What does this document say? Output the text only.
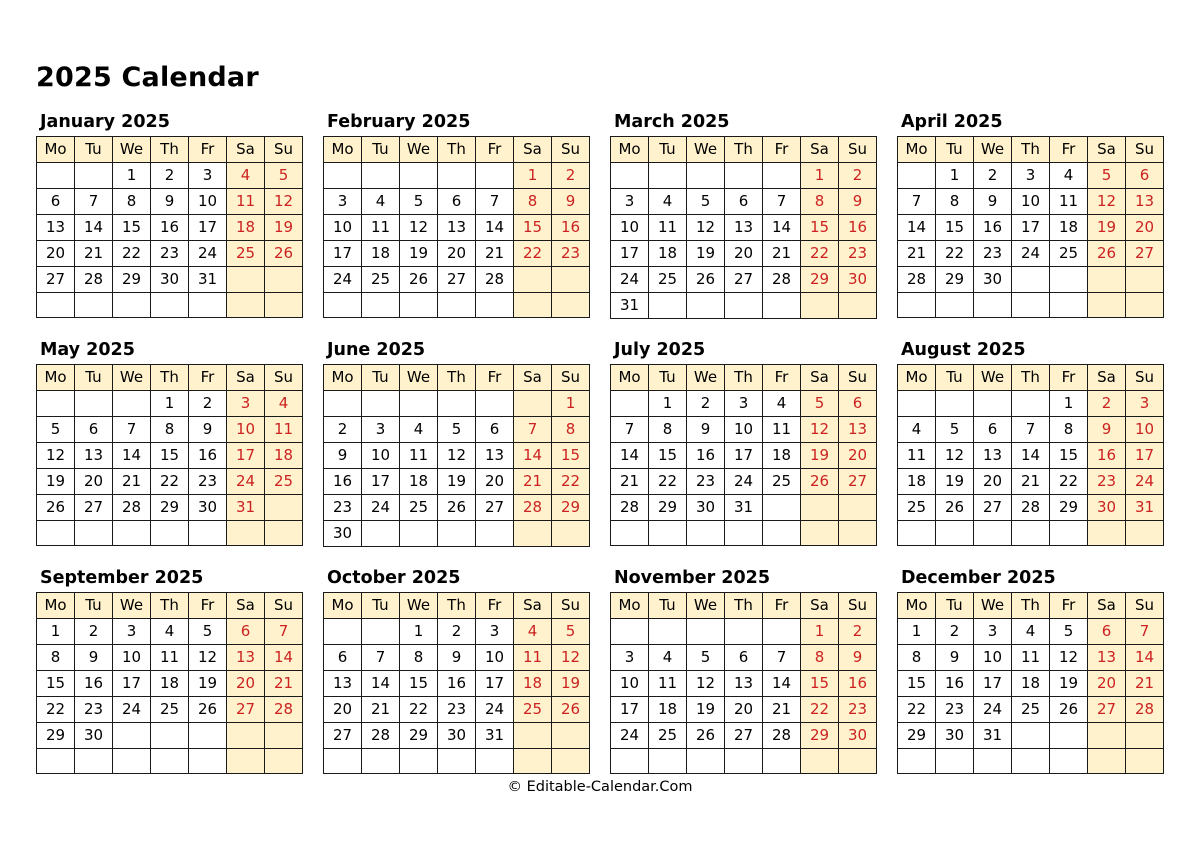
2025 Calendar
January 2025
Mo	Tu	We	Th	Fr	Sa	Su
		1	2	3	4	5
6	7	8	9	10	11	12
13	14	15	16	17	18	19
20	21	22	23	24	25	26
27	28	29	30	31		

February 2025
Mo	Tu	We	Th	Fr	Sa	Su
					1	2
3	4	5	6	7	8	9
10	11	12	13	14	15	16
17	18	19	20	21	22	23
24	25	26	27	28		

March 2025
Mo	Tu	We	Th	Fr	Sa	Su
					1	2
3	4	5	6	7	8	9
10	11	12	13	14	15	16
17	18	19	20	21	22	23
24	25	26	27	28	29	30
31						
April 2025
Mo	Tu	We	Th	Fr	Sa	Su
	1	2	3	4	5	6
7	8	9	10	11	12	13
14	15	16	17	18	19	20
21	22	23	24	25	26	27
28	29	30				

May 2025
Mo	Tu	We	Th	Fr	Sa	Su
			1	2	3	4
5	6	7	8	9	10	11
12	13	14	15	16	17	18
19	20	21	22	23	24	25
26	27	28	29	30	31	

June 2025
Mo	Tu	We	Th	Fr	Sa	Su
						1
2	3	4	5	6	7	8
9	10	11	12	13	14	15
16	17	18	19	20	21	22
23	24	25	26	27	28	29
30						
July 2025
Mo	Tu	We	Th	Fr	Sa	Su
	1	2	3	4	5	6
7	8	9	10	11	12	13
14	15	16	17	18	19	20
21	22	23	24	25	26	27
28	29	30	31			

August 2025
Mo	Tu	We	Th	Fr	Sa	Su
				1	2	3
4	5	6	7	8	9	10
11	12	13	14	15	16	17
18	19	20	21	22	23	24
25	26	27	28	29	30	31

September 2025
Mo	Tu	We	Th	Fr	Sa	Su
1	2	3	4	5	6	7
8	9	10	11	12	13	14
15	16	17	18	19	20	21
22	23	24	25	26	27	28
29	30					

October 2025
Mo	Tu	We	Th	Fr	Sa	Su
		1	2	3	4	5
6	7	8	9	10	11	12
13	14	15	16	17	18	19
20	21	22	23	24	25	26
27	28	29	30	31		

November 2025
Mo	Tu	We	Th	Fr	Sa	Su
					1	2
3	4	5	6	7	8	9
10	11	12	13	14	15	16
17	18	19	20	21	22	23
24	25	26	27	28	29	30

December 2025
Mo	Tu	We	Th	Fr	Sa	Su
1	2	3	4	5	6	7
8	9	10	11	12	13	14
15	16	17	18	19	20	21
22	23	24	25	26	27	28
29	30	31				

© Editable-Calendar.Com
